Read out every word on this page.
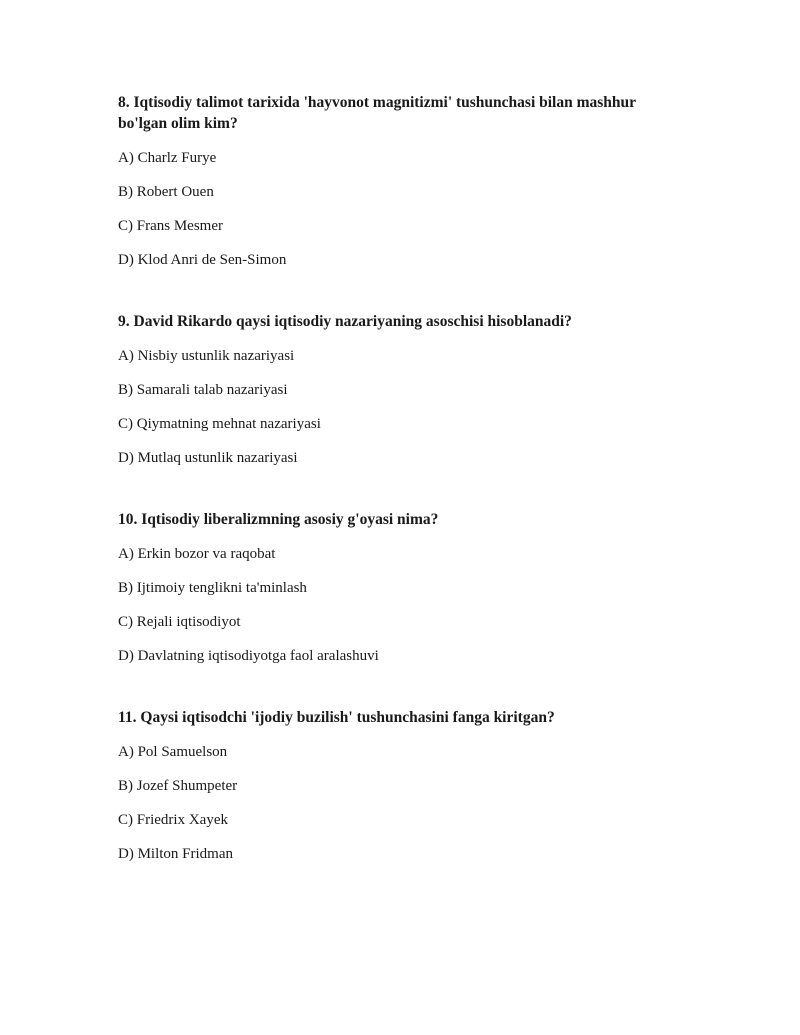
8. Iqtisodiy talimot tarixida 'hayvonot magnitizmi' tushunchasi bilan mashhur bo'lgan olim kim?

A) Charlz Furye

B) Robert Ouen

C) Frans Mesmer

D) Klod Anri de Sen-Simon

9. David Rikardo qaysi iqtisodiy nazariyaning asoschisi hisoblanadi?

A) Nisbiy ustunlik nazariyasi

B) Samarali talab nazariyasi

C) Qiymatning mehnat nazariyasi

D) Mutlaq ustunlik nazariyasi

10. Iqtisodiy liberalizmning asosiy g'oyasi nima?

A) Erkin bozor va raqobat

B) Ijtimoiy tenglikni ta'minlash

C) Rejali iqtisodiyot

D) Davlatning iqtisodiyotga faol aralashuvi

11. Qaysi iqtisodchi 'ijodiy buzilish' tushunchasini fanga kiritgan?

A) Pol Samuelson

B) Jozef Shumpeter

C) Friedrix Xayek

D) Milton Fridman
